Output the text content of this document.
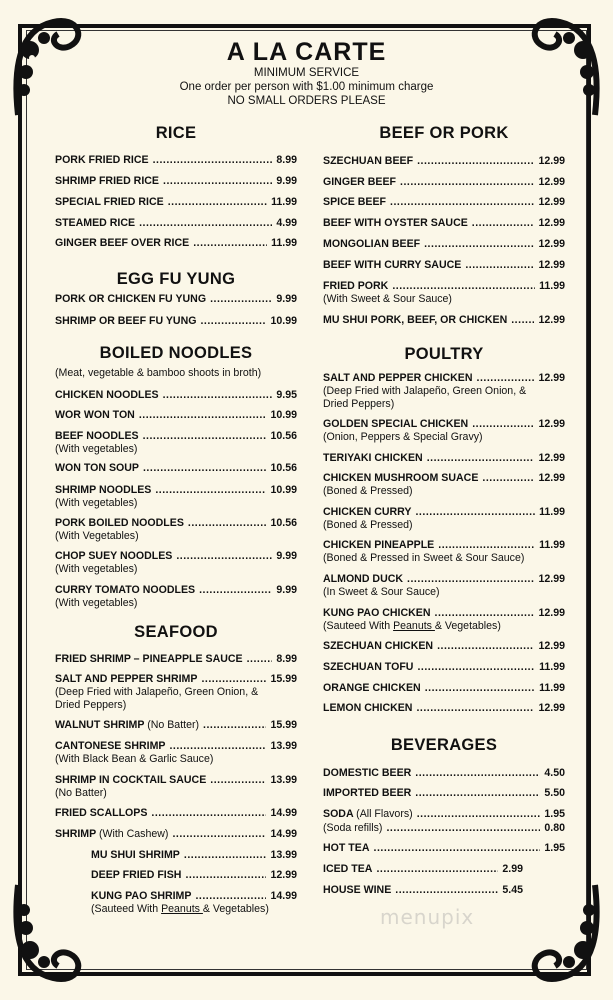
A LA CARTE
MINIMUM SERVICE
One order per person with $1.00 minimum charge
NO SMALL ORDERS PLEASE
RICE
PORK FRIED RICE .....	8.99
SHRIMP FRIED RICE .....	9.99
SPECIAL FRIED RICE .....	11.99
STEAMED RICE .....	4.99
GINGER BEEF OVER RICE .....	11.99
EGG FU YUNG
PORK OR CHICKEN FU YUNG .....	9.99
SHRIMP OR BEEF FU YUNG .....	10.99
BOILED NOODLES
(Meat, vegetable & bamboo shoots in broth)
CHICKEN NOODLES .....	9.95
WOR WON TON .....	10.99
BEEF NOODLES .....	10.56
(With vegetables)
WON TON SOUP .....	10.56
SHRIMP NOODLES .....	10.99
(With vegetables)
PORK BOILED NOODLES .....	10.56
(With Vegetables)
CHOP SUEY NOODLES .....	9.99
(With vegetables)
CURRY TOMATO NOODLES .....	9.99
(With vegetables)
SEAFOOD
FRIED SHRIMP – PINEAPPLE SAUCE .....	8.99
SALT AND PEPPER SHRIMP .....	15.99
(Deep Fried with Jalapeño, Green Onion, &
Dried Peppers)
WALNUT SHRIMP (No Batter) .....	15.99
CANTONESE SHRIMP .....	13.99
(With Black Bean & Garlic Sauce)
SHRIMP IN COCKTAIL SAUCE .....	13.99
(No Batter)
FRIED SCALLOPS .....	14.99
SHRIMP (With Cashew) .....	14.99
MU SHUI SHRIMP .....	13.99
DEEP FRIED FISH .....	12.99
KUNG PAO SHRIMP .....	14.99
(Sauteed With Peanuts & Vegetables)
BEEF OR PORK
SZECHUAN BEEF .....	12.99
GINGER BEEF .....	12.99
SPICE BEEF .....	12.99
BEEF WITH OYSTER SAUCE .....	12.99
MONGOLIAN BEEF .....	12.99
BEEF WITH CURRY SAUCE .....	12.99
FRIED PORK .....	11.99
(With Sweet & Sour Sauce)
MU SHUI PORK, BEEF, OR CHICKEN .....	12.99
POULTRY
SALT AND PEPPER CHICKEN .....	12.99
(Deep Fried with Jalapeño, Green Onion, &
Dried Peppers)
GOLDEN SPECIAL CHICKEN .....	12.99
(Onion, Peppers & Special Gravy)
TERIYAKI CHICKEN .....	12.99
CHICKEN MUSHROOM SUACE .....	12.99
(Boned & Pressed)
CHICKEN CURRY .....	11.99
(Boned & Pressed)
CHICKEN PINEAPPLE .....	11.99
(Boned & Pressed in Sweet & Sour Sauce)
ALMOND DUCK .....	12.99
(In Sweet & Sour Sauce)
KUNG PAO CHICKEN .....	12.99
(Sauteed With Peanuts & Vegetables)
SZECHUAN CHICKEN .....	12.99
SZECHUAN TOFU .....	11.99
ORANGE CHICKEN .....	11.99
LEMON CHICKEN .....	12.99
BEVERAGES
DOMESTIC BEER .....	4.50
IMPORTED BEER .....	5.50
SODA (All Flavors) .....	1.95
(Soda refills) .....	0.80
HOT TEA .....	1.95
ICED TEA .....	2.99
HOUSE WINE .....	5.45
menupix
